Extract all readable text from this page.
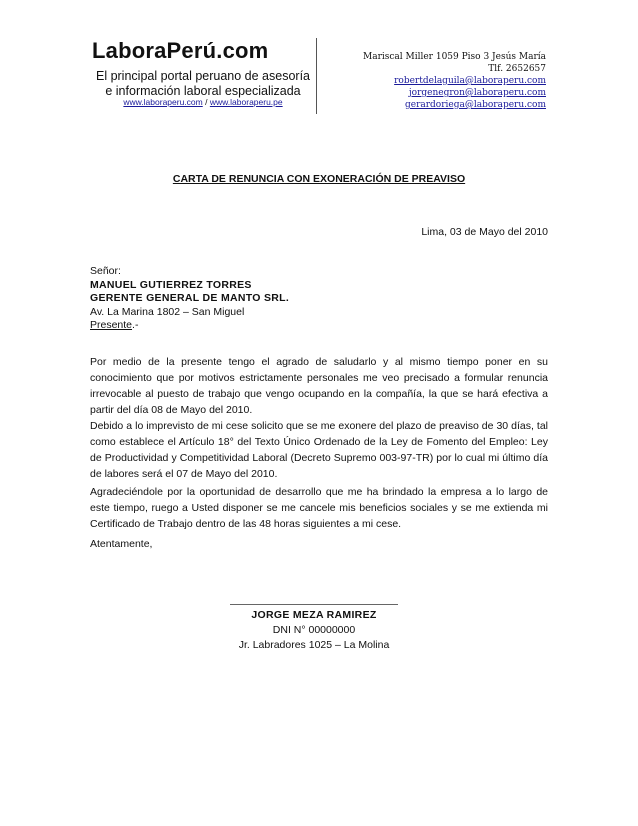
LaboraPerú.com
El principal portal peruano de asesoría e información laboral especializada
www.laboraperu.com / www.laboraperu.pe
Mariscal Miller 1059 Piso 3 Jesús María
Tlf. 2652657
robertdelaguila@laboraperu.com
jorgenegron@laboraperu.com
gerardoriega@laboraperu.com
CARTA DE RENUNCIA CON EXONERACIÓN DE PREAVISO
Lima, 03 de Mayo del 2010
Señor:
MANUEL GUTIERREZ TORRES
GERENTE GENERAL DE MANTO SRL.
Av. La Marina 1802 – San Miguel
Presente.-
Por medio de la presente tengo el agrado de saludarlo y al mismo tiempo poner en su conocimiento que por motivos estrictamente personales me veo precisado a formular renuncia irrevocable al puesto de trabajo que vengo ocupando en la compañía, la que se hará efectiva a partir del día 08 de Mayo del 2010.
Debido a lo imprevisto de mi cese solicito que se me exonere del plazo de preaviso de 30 días, tal como establece el Artículo 18° del Texto Único Ordenado de la Ley de Fomento del Empleo: Ley de Productividad y Competitividad Laboral (Decreto Supremo 003-97-TR) por lo cual mi último día de labores será el 07 de Mayo del 2010.
Agradeciéndole por la oportunidad de desarrollo que me ha brindado la empresa a lo largo de este tiempo, ruego a Usted disponer se me cancele mis beneficios sociales y se me extienda mi Certificado de Trabajo dentro de las 48 horas siguientes a mi cese.
Atentamente,
JORGE MEZA RAMIREZ
DNI N° 00000000
Jr. Labradores 1025 – La Molina
